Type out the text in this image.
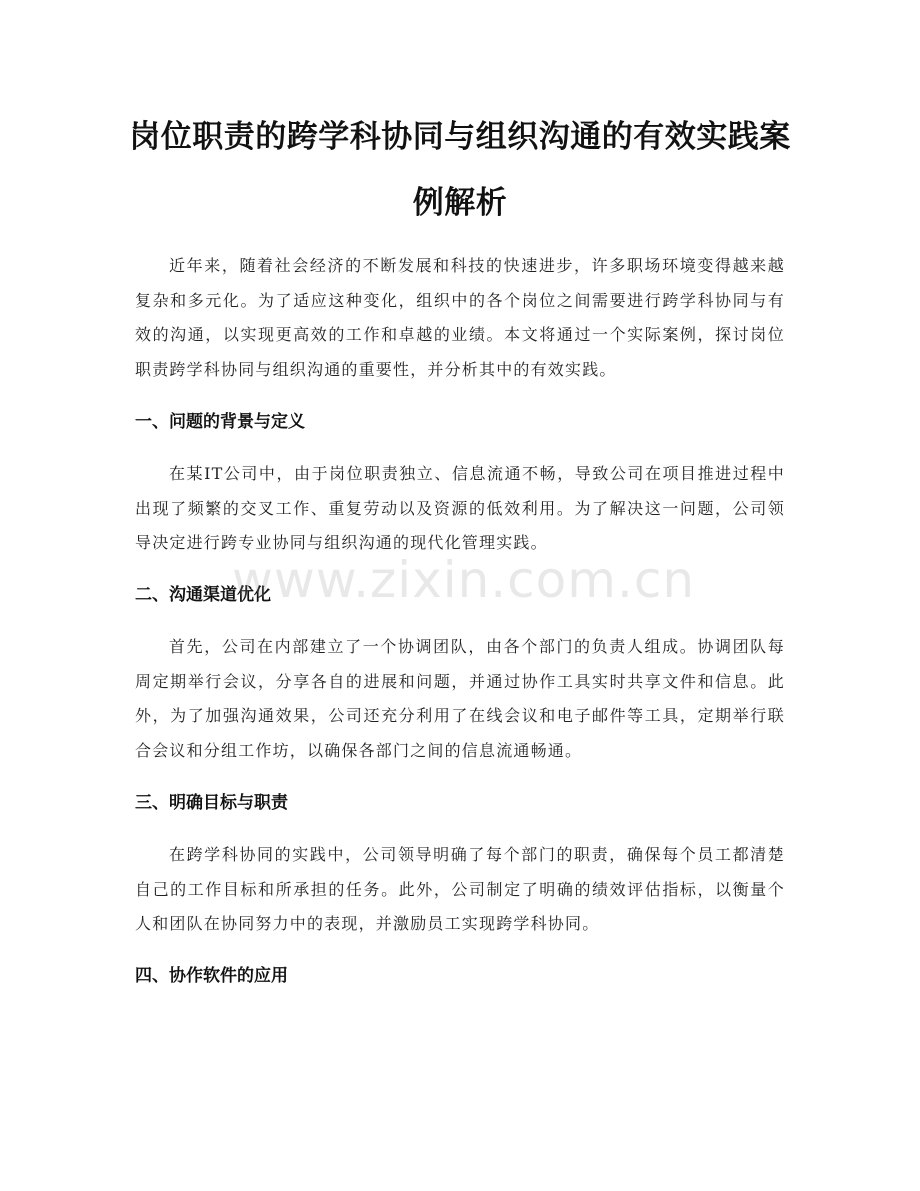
岗位职责的跨学科协同与组织沟通的有效实践案例解析

近年来，随着社会经济的不断发展和科技的快速进步，许多职场环境变得越来越复杂和多元化。为了适应这种变化，组织中的各个岗位之间需要进行跨学科协同与有效的沟通，以实现更高效的工作和卓越的业绩。本文将通过一个实际案例，探讨岗位职责跨学科协同与组织沟通的重要性，并分析其中的有效实践。

一、问题的背景与定义

在某IT公司中，由于岗位职责独立、信息流通不畅，导致公司在项目推进过程中出现了频繁的交叉工作、重复劳动以及资源的低效利用。为了解决这一问题，公司领导决定进行跨专业协同与组织沟通的现代化管理实践。

二、沟通渠道优化

首先，公司在内部建立了一个协调团队，由各个部门的负责人组成。协调团队每周定期举行会议，分享各自的进展和问题，并通过协作工具实时共享文件和信息。此外，为了加强沟通效果，公司还充分利用了在线会议和电子邮件等工具，定期举行联合会议和分组工作坊，以确保各部门之间的信息流通畅通。

三、明确目标与职责

在跨学科协同的实践中，公司领导明确了每个部门的职责，确保每个员工都清楚自己的工作目标和所承担的任务。此外，公司制定了明确的绩效评估指标，以衡量个人和团队在协同努力中的表现，并激励员工实现跨学科协同。

四、协作软件的应用
www.zixin.com.cn
